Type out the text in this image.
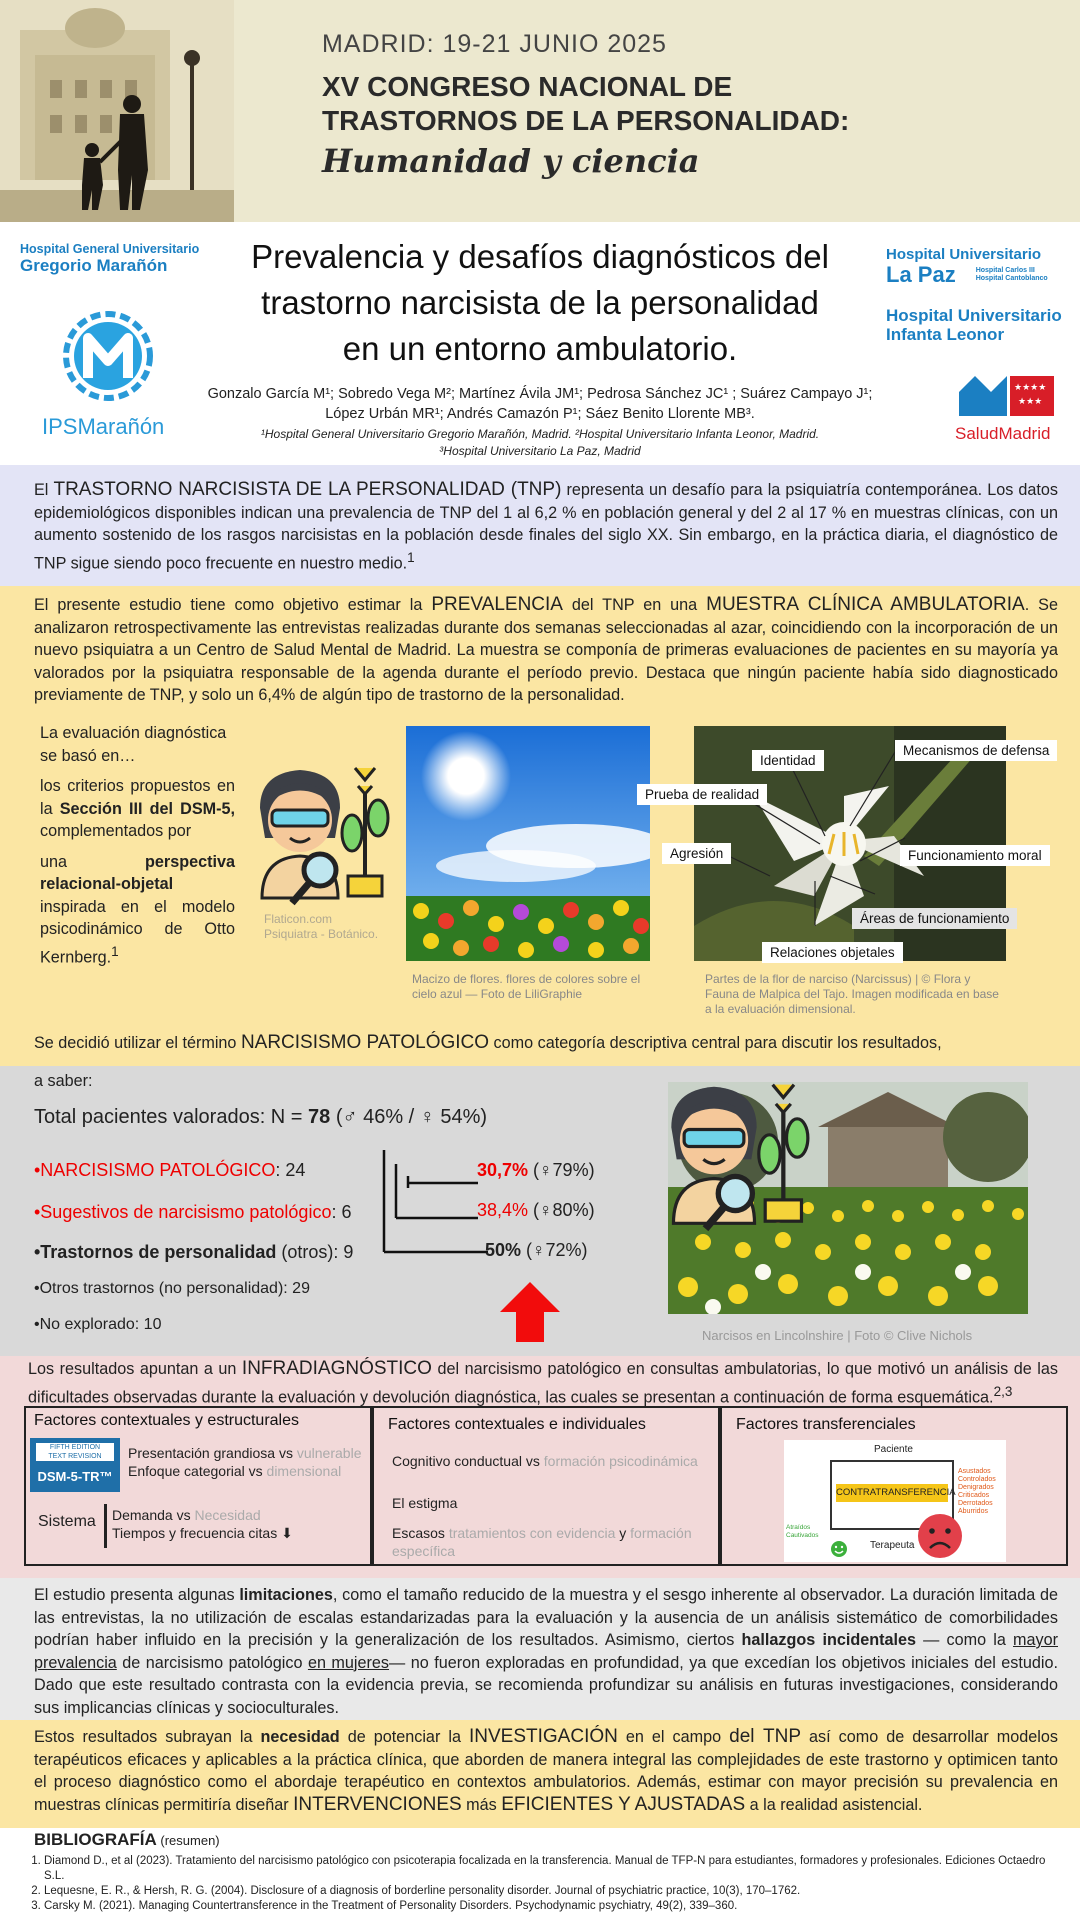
MADRID: 19-21 JUNIO 2025
XV CONGRESO NACIONAL DE
TRASTORNOS DE LA PERSONALIDAD:
Humanidad y ciencia
Hospital General Universitario
Gregorio Marañón
IPSMarañón
Hospital Universitario
La Paz	Hospital Carlos III
Hospital Cantoblanco
Hospital Universitario
Infanta Leonor
★★★★
★★★
SaludMadrid
Prevalencia y desafíos diagnósticos del
trastorno narcisista de la personalidad
en un entorno ambulatorio.
Gonzalo García M¹; Sobredo Vega M²; Martínez Ávila JM¹; Pedrosa Sánchez JC¹ ; Suárez Campayo J¹;
López Urbán MR¹; Andrés Camazón P¹; Sáez Benito Llorente MB³.
¹Hospital General Universitario Gregorio Marañón, Madrid. ²Hospital Universitario Infanta Leonor, Madrid.
³Hospital Universitario La Paz, Madrid

El TRASTORNO NARCISISTA DE LA PERSONALIDAD (TNP) representa un desafío para la psiquiatría contemporánea. Los datos epidemiológicos disponibles indican una prevalencia de TNP del 1 al 6,2 % en población general y del 2 al 17 % en muestras clínicas, con un aumento sostenido de los rasgos narcisistas en la población desde finales del siglo XX. Sin embargo, en la práctica diaria, el diagnóstico de TNP sigue siendo poco frecuente en nuestro medio.$^1$

El presente estudio tiene como objetivo estimar la PREVALENCIA del TNP en una MUESTRA CLÍNICA AMBULATORIA. Se analizaron retrospectivamente las entrevistas realizadas durante dos semanas seleccionadas al azar, coincidiendo con la incorporación de un nuevo psiquiatra a un Centro de Salud Mental de Madrid. La muestra se componía de primeras evaluaciones de pacientes en su mayoría ya valorados por la psiquiatra responsable de la agenda durante el período previo. Destaca que ningún paciente había sido diagnosticado previamente de TNP, y solo un 6,4% de algún tipo de trastorno de la personalidad.

La evaluación diagnóstica se basó en…
los criterios propuestos en la Sección III del DSM-5, complementados por
una perspectiva relacional-objetal inspirada en el modelo psicodinámico de Otto Kernberg.$^1$
Flaticon.com
Psiquiatra - Botánico.
Macizo de flores. flores de colores sobre el cielo azul — Foto de LiliGraphie
Partes de la flor de narciso (Narcissus) | © Flora y Fauna de Malpica del Tajo. Imagen modificada en base a la evaluación dimensional.
Identidad
Mecanismos de defensa
Prueba de realidad
Agresión	Funcionamiento moral
Áreas de funcionamiento
Relaciones objetales

Se decidió utilizar el término NARCISISMO PATOLÓGICO como categoría descriptiva central para discutir los resultados,

a saber:
Total pacientes valorados: N = 78 (♂ 46% / ♀ 54%)
•NARCISISMO PATOLÓGICO: 24
•Sugestivos de narcisismo patológico: 6
•Trastornos de personalidad (otros): 9
•Otros trastornos (no personalidad): 29
•No explorado: 10
30,7% (♀79%)
38,4% (♀80%)
50% (♀72%)
Narcisos en Lincolnshire | Foto © Clive Nichols

Los resultados apuntan a un INFRADIAGNÓSTICO del narcisismo patológico en consultas ambulatorias, lo que motivó un análisis de las dificultades observadas durante la evaluación y devolución diagnóstica, las cuales se presentan a continuación de forma esquemática.$^{2,3}$

Factores contextuales y estructurales
FIFTH EDITION
TEXT REVISION
DSM-5-TR™
Presentación grandiosa vs vulnerable
Enfoque categorial vs dimensional
Sistema Demanda vs Necesidad
Tiempos y frecuencia citas ⬇
Factores contextuales e individuales
Cognitivo conductual vs formación psicodinámica
El estigma
Escasos tratamientos con evidencia y formación específica
Factores transferenciales
Paciente
CONTRATRANSFERENCIA
Asustados Controlados Denigrados Criticados Derrotados Aburridos
Atraídos Cautivados
Terapeuta

El estudio presenta algunas limitaciones, como el tamaño reducido de la muestra y el sesgo inherente al observador. La duración limitada de las entrevistas, la no utilización de escalas estandarizadas para la evaluación y la ausencia de un análisis sistemático de comorbilidades podrían haber influido en la precisión y la generalización de los resultados. Asimismo, ciertos hallazgos incidentales — como la mayor prevalencia de narcisismo patológico en mujeres— no fueron exploradas en profundidad, ya que excedían los objetivos iniciales del estudio. Dado que este resultado contrasta con la evidencia previa, se recomienda profundizar su análisis en futuras investigaciones, considerando sus implicancias clínicas y socioculturales.

Estos resultados subrayan la necesidad de potenciar la INVESTIGACIÓN en el campo del TNP así como de desarrollar modelos terapéuticos eficaces y aplicables a la práctica clínica, que aborden de manera integral las complejidades de este trastorno y optimicen tanto el proceso diagnóstico como el abordaje terapéutico en contextos ambulatorios. Además, estimar con mayor precisión su prevalencia en muestras clínicas permitiría diseñar INTERVENCIONES más EFICIENTES Y AJUSTADAS a la realidad asistencial.

BIBLIOGRAFÍA (resumen)
1. Diamond D., et al (2023). Tratamiento del narcisismo patológico con psicoterapia focalizada en la transferencia. Manual de TFP-N para estudiantes, formadores y profesionales. Ediciones Octaedro S.L.
2. Lequesne, E. R., & Hersh, R. G. (2004). Disclosure of a diagnosis of borderline personality disorder. Journal of psychiatric practice, 10(3), 170–1762.
3. Carsky M. (2021). Managing Countertransference in the Treatment of Personality Disorders. Psychodynamic psychiatry, 49(2), 339–360.
